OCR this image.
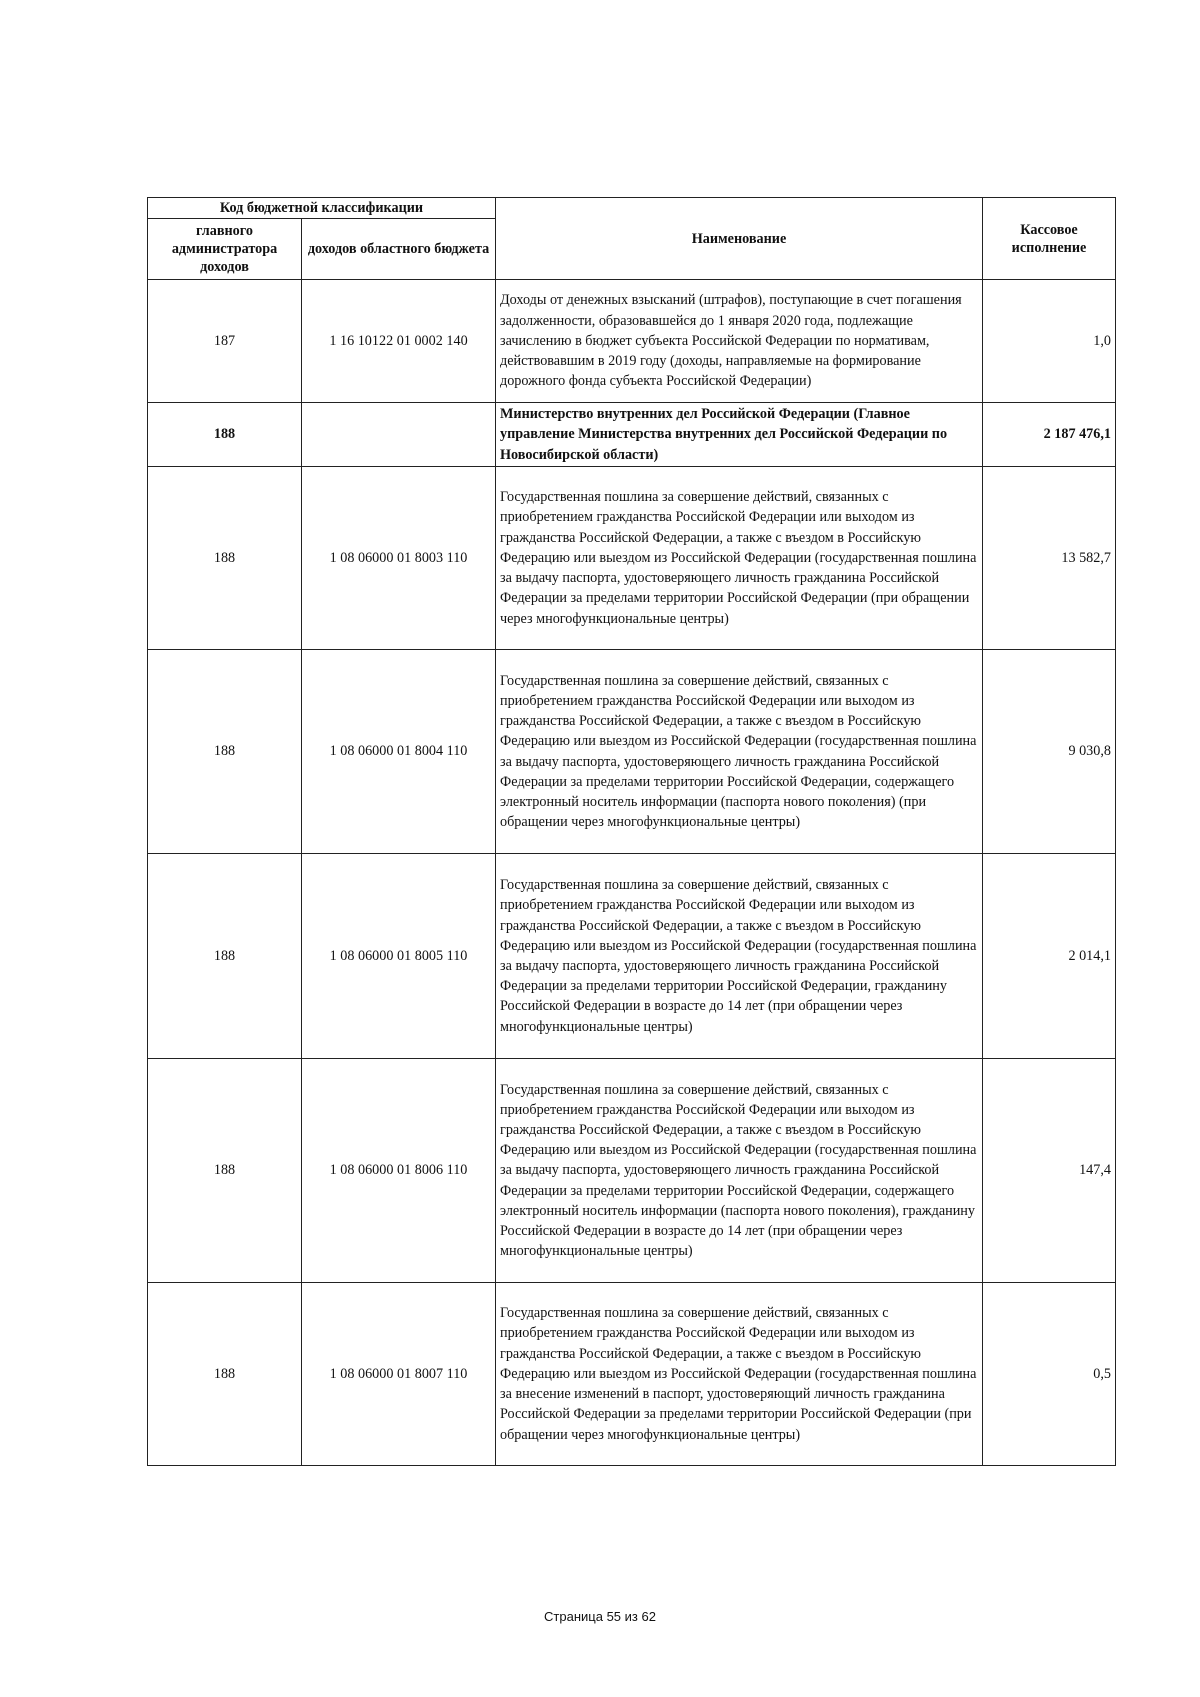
Код бюджетной классификации		Наименование	Кассовое исполнение
главного администратора доходов	доходов областного бюджета		
187	1 16 10122 01 0002 140	Доходы от денежных взысканий (штрафов), поступающие в счет погашения задолженности, образовавшейся до 1 января 2020 года, подлежащие зачислению в бюджет субъекта Российской Федерации по нормативам, действовавшим в 2019 году (доходы, направляемые на формирование дорожного фонда субъекта Российской Федерации)	1,0
188		Министерство внутренних дел Российской Федерации (Главное управление Министерства внутренних дел Российской Федерации по Новосибирской области)	2 187 476,1
188	1 08 06000 01 8003 110	Государственная пошлина за совершение действий, связанных с приобретением гражданства Российской Федерации или выходом из гражданства Российской Федерации, а также с въездом в Российскую Федерацию или выездом из Российской Федерации (государственная пошлина за выдачу паспорта, удостоверяющего личность гражданина Российской Федерации за пределами территории Российской Федерации (при обращении через многофункциональные центры)	13 582,7
188	1 08 06000 01 8004 110	Государственная пошлина за совершение действий, связанных с приобретением гражданства Российской Федерации или выходом из гражданства Российской Федерации, а также с въездом в Российскую Федерацию или выездом из Российской Федерации (государственная пошлина за выдачу паспорта, удостоверяющего личность гражданина Российской Федерации за пределами территории Российской Федерации, содержащего электронный носитель информации (паспорта нового поколения) (при обращении через многофункциональные центры)	9 030,8
188	1 08 06000 01 8005 110	Государственная пошлина за совершение действий, связанных с приобретением гражданства Российской Федерации или выходом из гражданства Российской Федерации, а также с въездом в Российскую Федерацию или выездом из Российской Федерации (государственная пошлина за выдачу паспорта, удостоверяющего личность гражданина Российской Федерации за пределами территории Российской Федерации, гражданину Российской Федерации в возрасте до 14 лет (при обращении через многофункциональные центры)	2 014,1
188	1 08 06000 01 8006 110	Государственная пошлина за совершение действий, связанных с приобретением гражданства Российской Федерации или выходом из гражданства Российской Федерации, а также с въездом в Российскую Федерацию или выездом из Российской Федерации (государственная пошлина за выдачу паспорта, удостоверяющего личность гражданина Российской Федерации за пределами территории Российской Федерации, содержащего электронный носитель информации (паспорта нового поколения), гражданину Российской Федерации в возрасте до 14 лет (при обращении через многофункциональные центры)	147,4
188	1 08 06000 01 8007 110	Государственная пошлина за совершение действий, связанных с приобретением гражданства Российской Федерации или выходом из гражданства Российской Федерации, а также с въездом в Российскую Федерацию или выездом из Российской Федерации (государственная пошлина за внесение изменений в паспорт, удостоверяющий личность гражданина Российской Федерации за пределами территории Российской Федерации (при обращении через многофункциональные центры)	0,5
Страница 55 из 62
